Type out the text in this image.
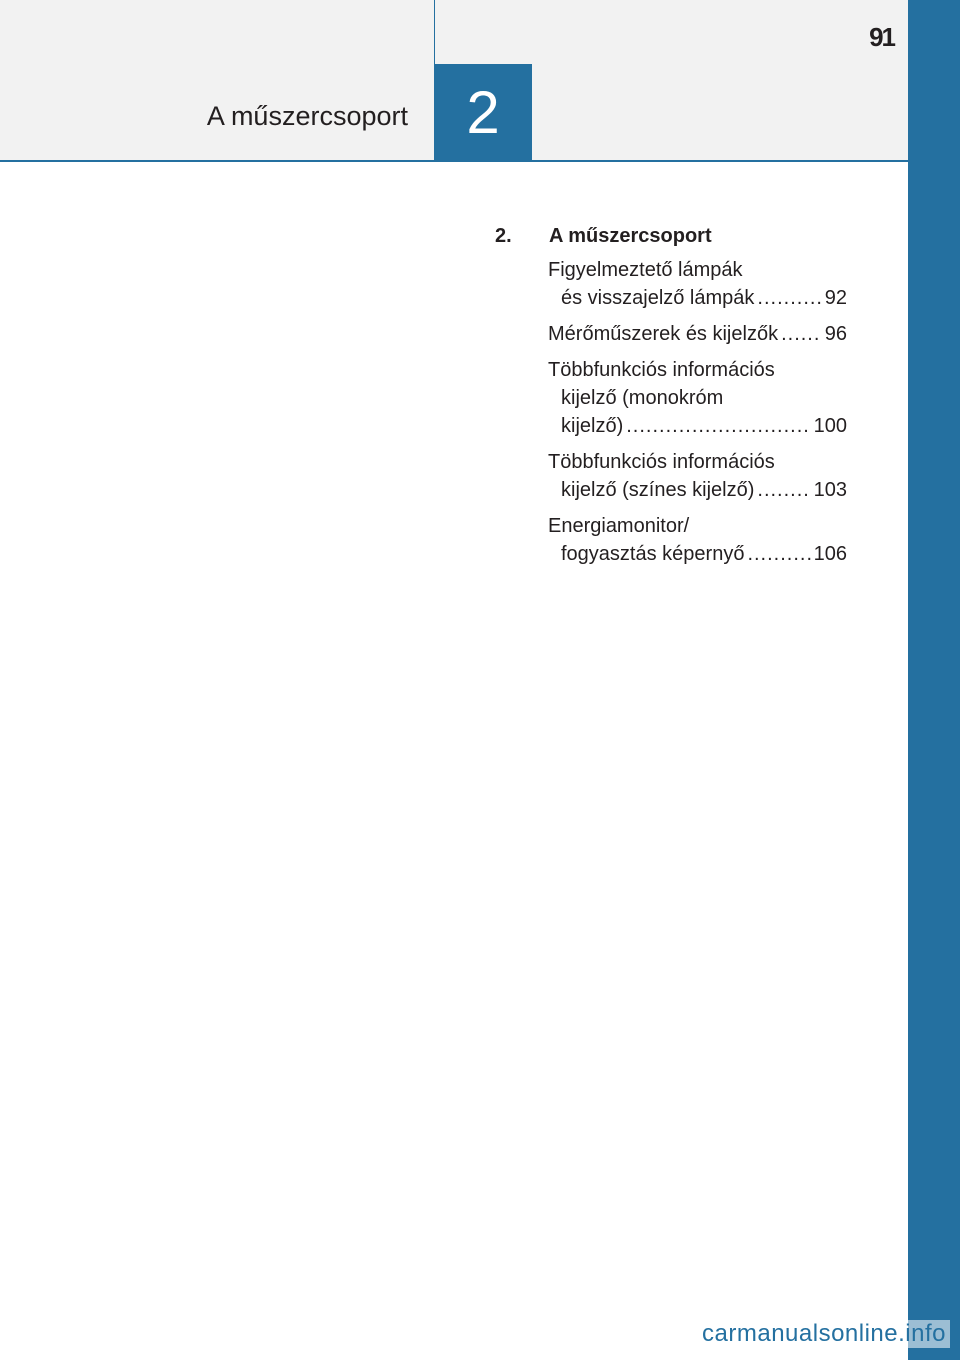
A műszercsoport 2
91
2.	A műszercsoport
Figyelmeztető lámpák
és visszajelző lámpák .....	92
Mérőműszerek és kijelzők ..... 96
Többfunkciós információs
kijelző (monokróm
kijelző) .....	100
Többfunkciós információs
kijelző (színes kijelző) .....	103
Energiamonitor/
fogyasztás képernyő .....	106
carmanualsonline.info
